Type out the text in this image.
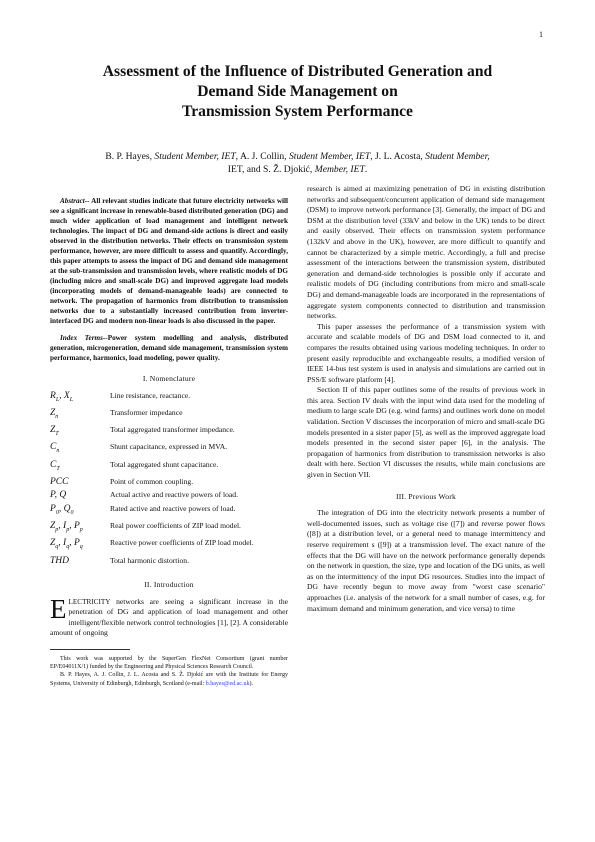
1
Assessment of the Influence of Distributed Generation and
Demand Side Management on
Transmission System Performance
B. P. Hayes, Student Member, IET, A. J. Collin, Student Member, IET, J. L. Acosta, Student Member,
IET, and S. Ž. Djokić, Member, IET.

Abstract-- All relevant studies indicate that future electricity networks will see a significant increase in renewable-based distributed generation (DG) and much wider application of load management and intelligent network technologies. The impact of DG and demand-side actions is direct and easily observed in the distribution networks. Their effects on transmission system performance, however, are more difficult to assess and quantify. Accordingly, this paper attempts to assess the impact of DG and demand side management at the sub-transmission and transmission levels, where realistic models of DG (including micro and small-scale DG) and improved aggregate load models (incorporating models of demand-manageable loads) are connected to network. The propagation of harmonics from distribution to transmission networks due to a substantially increased contribution from inverter-interfaced DG and modern non-linear loads is also discussed in the paper.

Index Terms--Power system modelling and analysis, distributed generation, microgeneration, demand side management, transmission system performance, harmonics, load modeling, power quality.

I. Nomenclature
$R_L$, $X_L$	Line resistance, reactance.
$Z_n$	Transformer impedance
$Z_T$	Total aggregated transformer impedance.
$C_n$	Shunt capacitance, expressed in MVA.
$C_T$	Total aggregated shunt capacitance.
PCC	Point of common coupling.
P, Q	Actual active and reactive powers of load.
$P_0$, $Q_0$	Rated active and reactive powers of load.
$Z_p$, $I_p$, $P_p$	Real power coefficients of ZIP load model.
$Z_q$, $I_q$, $P_q$	Reactive power coefficients of ZIP load model.
THD	Total harmonic distortion.
II. Introduction

ELECTRICITY networks are seeing a significant increase in the penetration of DG and application of load management and other intelligent/flexible network control technologies [1], [2]. A considerable amount of ongoing

This work was supported by the SuperGen FlexNet Consortium (grant number EP/E04011X/1) funded by the Engineering and Physical Sciences Research Council.

B. P. Hayes, A. J. Collin, J. L. Acosta and S. Ž. Djokić are with the Institute for Energy Systems, University of Edinburgh, Edinburgh, Scotland (e-mail: b.hayes@ed.ac.uk).

research is aimed at maximizing penetration of DG in existing distribution networks and subsequent/concurrent application of demand side management (DSM) to improve network performance [3]. Generally, the impact of DG and DSM at the distribution level (33kV and below in the UK) tends to be direct and easily observed. Their effects on transmission system performance (132kV and above in the UK), however, are more difficult to quantify and cannot be characterized by a simple metric. Accordingly, a full and precise assessment of the interactions between the transmission system, distributed generation and demand-side technologies is possible only if accurate and realistic models of DG (including contributions from micro and small-scale DG) and demand-manageable loads are incorporated in the representations of aggregate system components connected to distribution and transmission networks.

This paper assesses the performance of a transmission system with accurate and scalable models of DG and DSM load connected to it, and compares the results obtained using various modeling techniques. In order to present easily reproducible and exchangeable results, a modified version of IEEE 14-bus test system is used in analysis and simulations are carried out in PSS/E software platform [4].

Section II of this paper outlines some of the results of previous work in this area. Section IV deals with the input wind data used for the modeling of medium to large scale DG (e.g. wind farms) and outlines work done on model validation. Section V discusses the incorporation of micro and small-scale DG models presented in a sister paper [5], as well as the improved aggregate load models presented in the second sister paper [6], in the analysis. The propagation of harmonics from distribution to transmission networks is also dealt with here. Section VI discusses the results, while main conclusions are given in Section VII.

III. Previous Work

The integration of DG into the electricity network presents a number of well-documented issues, such as voltage rise ([7]) and reverse power flows ([8]) at a distribution level, or a general need to manage intermittency and reserve requirement s ([9]) at a transmission level. The exact nature of the effects that the DG will have on the network performance generally depends on the network in question, the size, type and location of the DG units, as well as on the intermittency of the input DG resources. Studies into the impact of DG have recently begun to move away from "worst case scenario" approaches (i.e. analysis of the network for a small number of cases, e.g. for maximum demand and minimum generation, and vice versa) to time
